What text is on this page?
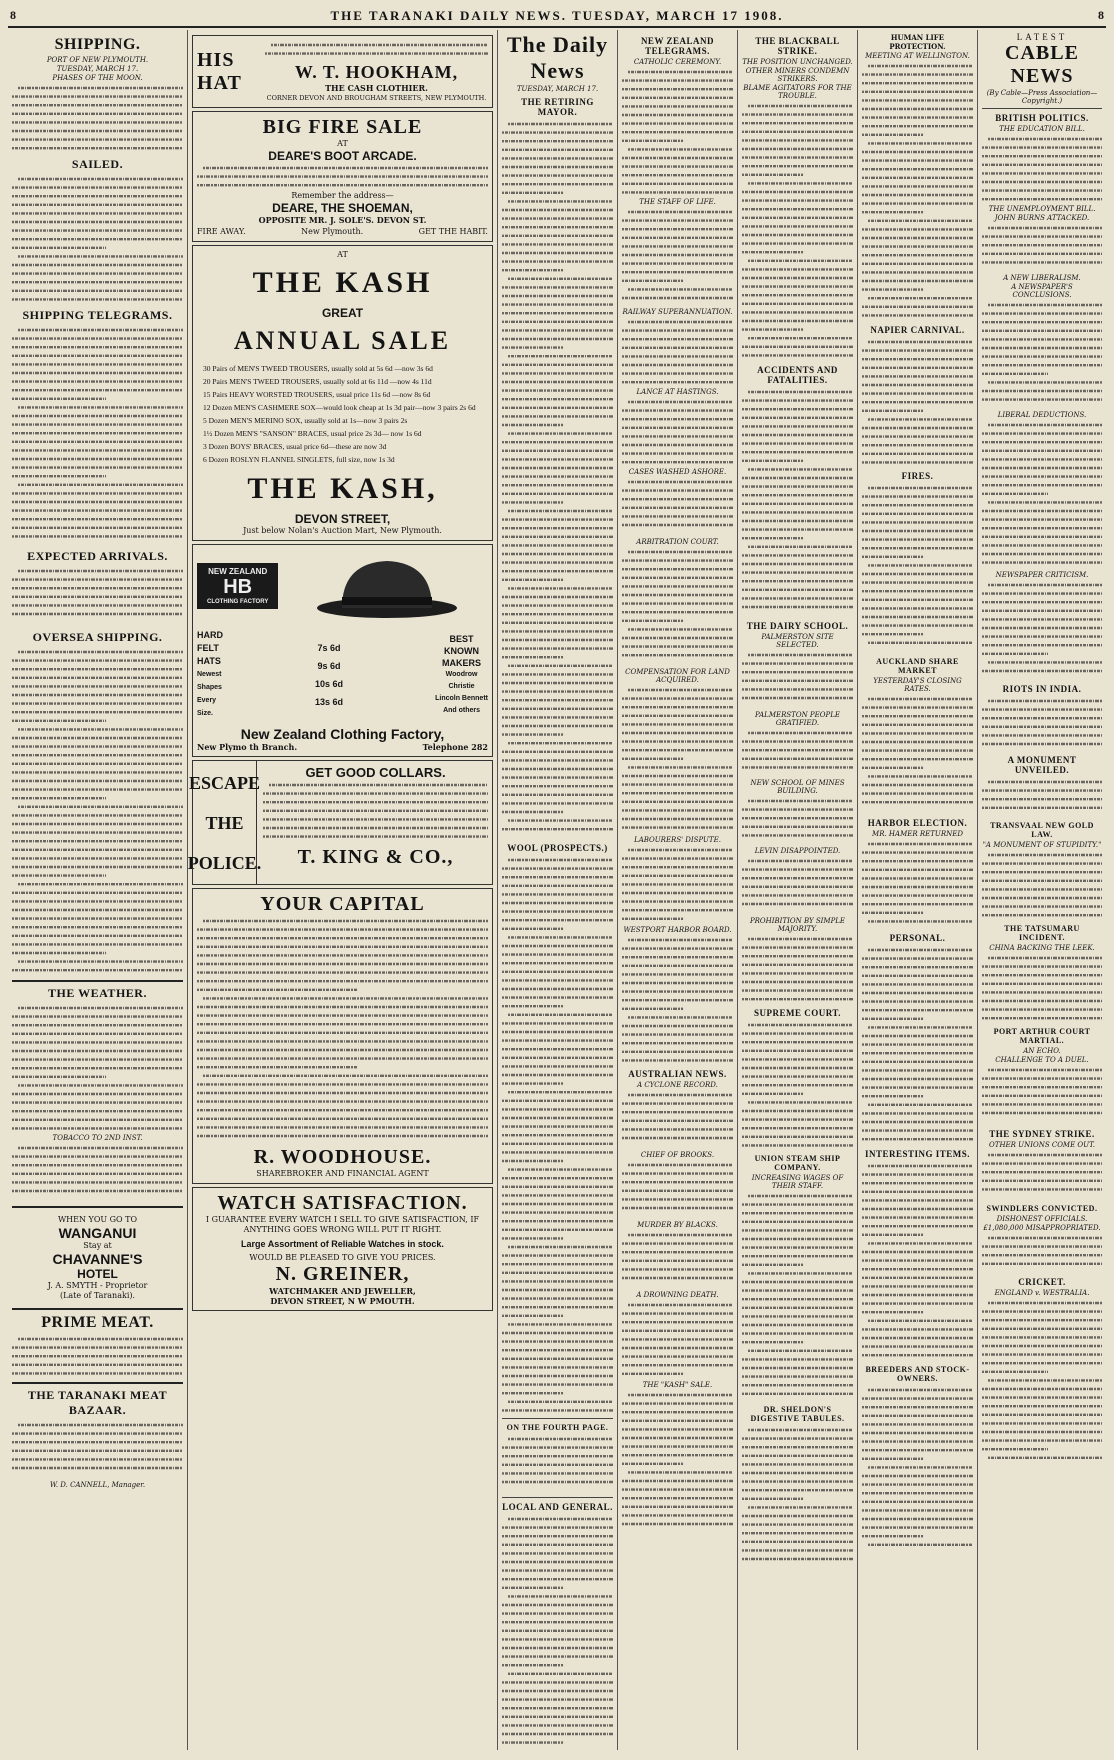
8	THE TARANAKI DAILY NEWS. TUESDAY, MARCH 17 1908.	8
SHIPPING.
PORT OF NEW PLYMOUTH.
TUESDAY, MARCH 17.
PHASES OF THE MOON.
SAILED.
SHIPPING TELEGRAMS.
EXPECTED ARRIVALS.
OVERSEA SHIPPING.
THE WEATHER.
TOBACCO TO 2ND INST.
WHEN YOU GO TO
WANGANUI
Stay at
CHAVANNE'S
HOTEL
J. A. SMYTH - Proprietor
(Late of Taranaki).
PRIME MEAT.
THE TARANAKI MEAT BAZAAR.
W. D. CANNELL, Manager.
HIS
HAT	W. T. HOOKHAM,
THE CASH CLOTHIER.
CORNER DEVON AND BROUGHAM STREETS, NEW PLYMOUTH.
BIG FIRE SALE
AT
DEARE'S BOOT ARCADE.
Remember the address—
DEARE, THE SHOEMAN,
OPPOSITE MR. J. SOLE'S. DEVON ST.
FIRE AWAY.	New Plymouth.	GET THE HABIT.
AT
THE KASH
GREAT
ANNUAL SALE
30 Pairs of MEN'S TWEED TROUSERS, usually sold at 5s 6d —now 3s 6d
20 Pairs MEN'S TWEED TROUSERS, usually sold at 6s 11d —now 4s 11d
15 Pairs HEAVY WORSTED TROUSERS, usual price 11s 6d —now 8s 6d
12 Dozen MEN'S CASHMERE SOX—would look cheap at 1s 3d pair—now 3 pairs 2s 6d
5 Dozen MEN'S MERINO SOX, usually sold at 1s—now 3 pairs 2s
1½ Dozen MEN'S "SANSON" BRACES, usual price 2s 3d— now 1s 6d
3 Dozen BOYS' BRACES, usual price 6d—these are now 3d
6 Dozen ROSLYN FLANNEL SINGLETS, full size, now 1s 3d
THE KASH,
DEVON STREET,
Just below Nolan's Auction Mart, New Plymouth.
NEW ZEALAND
HB
CLOTHING FACTORY
HARD
FELT
HATS
Newest
Shapes
Every
Size.
7s 6d
9s 6d
10s 6d
13s 6d
BEST
KNOWN
MAKERS
Woodrow
Christie
Lincoln Bennett
And others
New Zealand Clothing Factory,
New Plymo th Branch.	Telephone 282
ESCAPE
THE
POLICE.
GET GOOD COLLARS.
T. KING & CO.,
YOUR CAPITAL
R. WOODHOUSE.
SHAREBROKER AND FINANCIAL AGENT
WATCH SATISFACTION.
I GUARANTEE EVERY WATCH I SELL TO GIVE SATISFACTION, IF ANYTHING GOES WRONG WILL PUT IT RIGHT.
Large Assortment of Reliable Watches in stock.
WOULD BE PLEASED TO GIVE YOU PRICES.
N. GREINER,
WATCHMAKER AND JEWELLER,
DEVON STREET, N W PMOUTH.
The Daily News
TUESDAY, MARCH 17.
THE RETIRING MAYOR.
WOOL (PROSPECTS.)
ON THE FOURTH PAGE.
LOCAL AND GENERAL.
NEW ZEALAND TELEGRAMS.
CATHOLIC CEREMONY.
THE STAFF OF LIFE.
RAILWAY SUPERANNUATION.
LANCE AT HASTINGS.
CASES WASHED ASHORE.
ARBITRATION COURT.
COMPENSATION FOR LAND ACQUIRED.
LABOURERS' DISPUTE.
WESTPORT HARBOR BOARD.
AUSTRALIAN NEWS.
A CYCLONE RECORD.
CHIEF OF BROOKS.
MURDER BY BLACKS.
A DROWNING DEATH.
THE "KASH" SALE.
THE BLACKBALL STRIKE.
THE POSITION UNCHANGED.
OTHER MINERS CONDEMN STRIKERS.
BLAME AGITATORS FOR THE TROUBLE.
ACCIDENTS AND FATALITIES.
THE DAIRY SCHOOL.
PALMERSTON SITE SELECTED.
PALMERSTON PEOPLE GRATIFIED.
NEW SCHOOL OF MINES BUILDING.
LEVIN DISAPPOINTED.
PROHIBITION BY SIMPLE MAJORITY.
SUPREME COURT.
UNION STEAM SHIP COMPANY.
INCREASING WAGES OF THEIR STAFF.
DR. SHELDON'S DIGESTIVE TABULES.
HUMAN LIFE PROTECTION.
MEETING AT WELLINGTON.
NAPIER CARNIVAL.
FIRES.
AUCKLAND SHARE MARKET
YESTERDAY'S CLOSING RATES.
HARBOR ELECTION.
MR. HAMER RETURNED
PERSONAL.
INTERESTING ITEMS.
BREEDERS AND STOCK-OWNERS.
LATEST
CABLE NEWS
(By Cable—Press Association—Copyright.)
BRITISH POLITICS.
THE EDUCATION BILL.
THE UNEMPLOYMENT BILL.
JOHN BURNS ATTACKED.
A NEW LIBERALISM.
A NEWSPAPER'S CONCLUSIONS.
LIBERAL DEDUCTIONS.
NEWSPAPER CRITICISM.
RIOTS IN INDIA.
A MONUMENT UNVEILED.
TRANSVAAL NEW GOLD LAW.
"A MONUMENT OF STUPIDITY."
THE TATSUMARU INCIDENT.
CHINA BACKING THE LEEK.
PORT ARTHUR COURT MARTIAL.
AN ECHO.
CHALLENGE TO A DUEL.
THE SYDNEY STRIKE.
OTHER UNIONS COME OUT.
SWINDLERS CONVICTED.
DISHONEST OFFICIALS.
£1,080,000 MISAPPROPRIATED.
CRICKET.
ENGLAND v. WESTRALIA.
